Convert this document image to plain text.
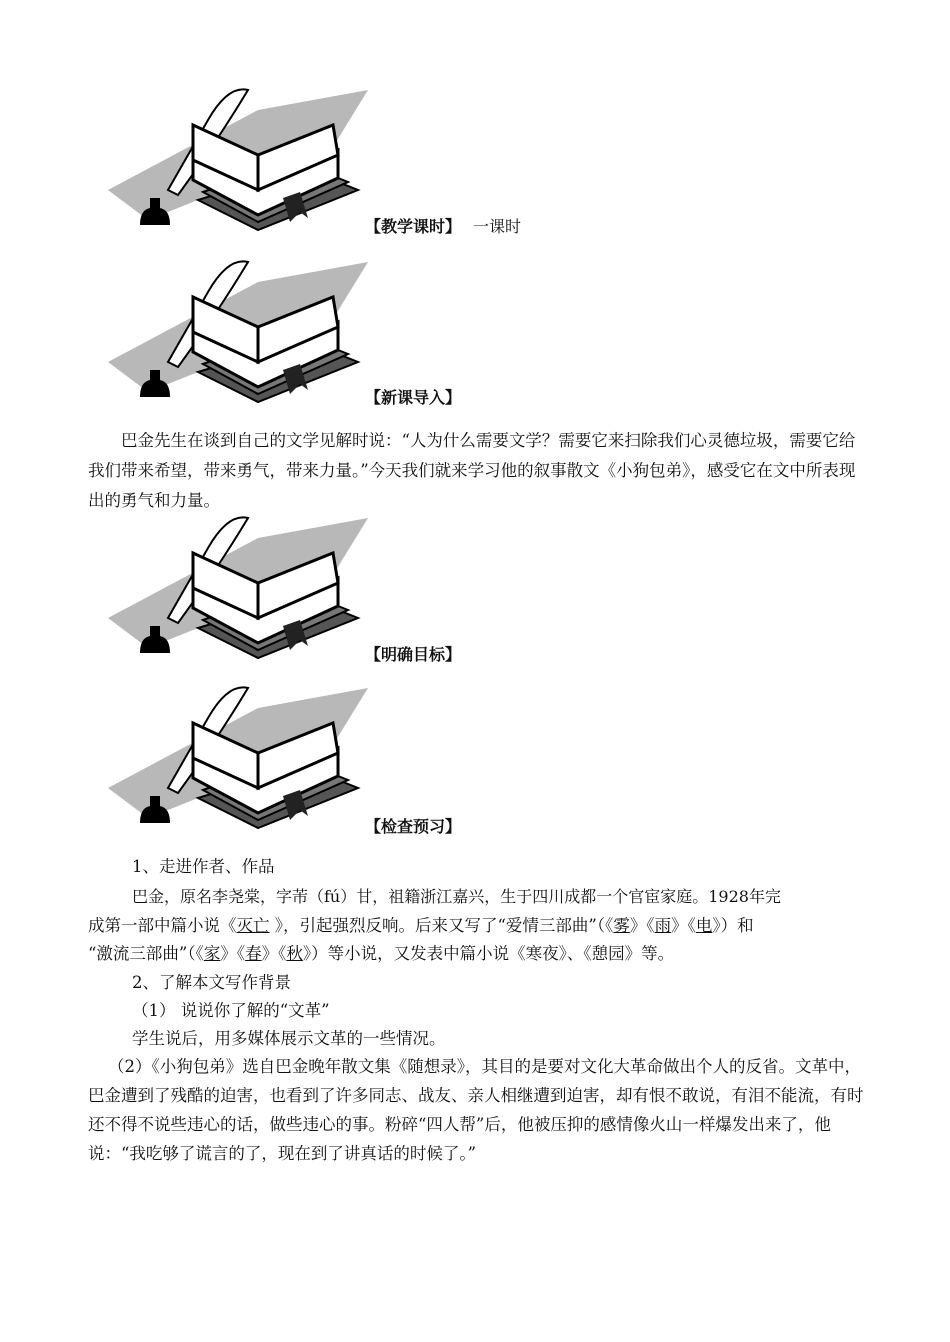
【教学课时】 一课时
【新课导入】

巴金先生在谈到自己的文学见解时说：“人为什么需要文学？需要它来扫除我们心灵德垃圾，需要它给我们带来希望，带来勇气，带来力量。”今天我们就来学习他的叙事散文《小狗包弟》，感受它在文中所表现出的勇气和力量。

【明确目标】
【检查预习】
1、走进作者、作品
巴金，原名李尧棠，字芾（fú）甘，祖籍浙江嘉兴，生于四川成都一个官宦家庭。1928年完
成第一部中篇小说《灭亡 》，引起强烈反响。后来又写了“爱情三部曲”（《雾》《雨》《电》）和
“激流三部曲”（《家》《春》《秋》）等小说，又发表中篇小说《寒夜》、《憩园》等。
2、了解本文写作背景
（1） 说说你了解的“文革”
学生说后，用多媒体展示文革的一些情况。

（2）《小狗包弟》选自巴金晚年散文集《随想录》，其目的是要对文化大革命做出个人的反省。文革中，巴金遭到了残酷的迫害，也看到了许多同志、战友、亲人相继遭到迫害，却有恨不敢说，有泪不能流，有时还不得不说些违心的话，做些违心的事。粉碎“四人帮”后，他被压抑的感情像火山一样爆发出来了，他说：“我吃够了谎言的了，现在到了讲真话的时候了。”
